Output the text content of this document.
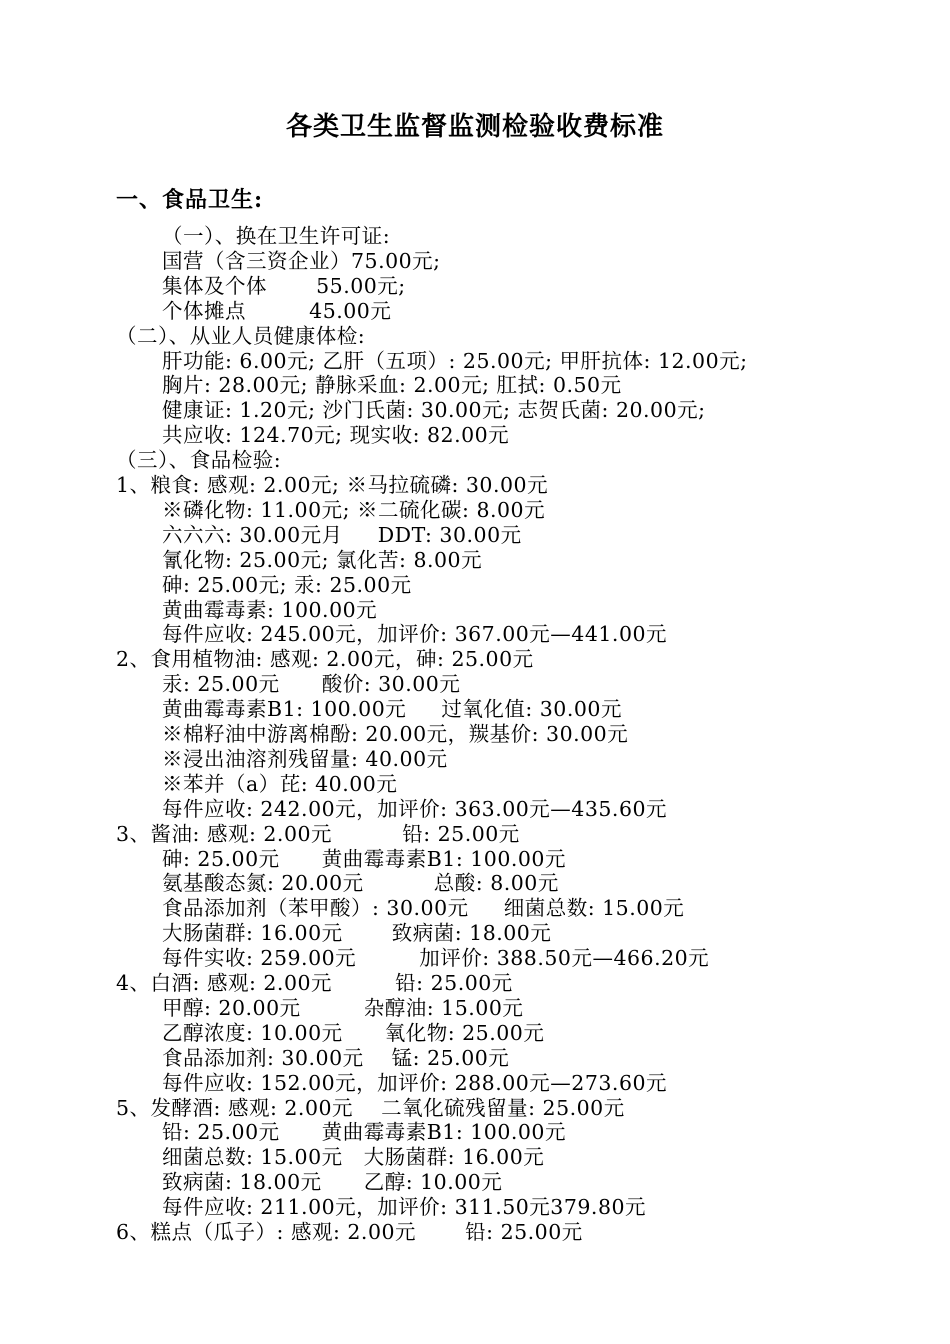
各类卫生监督监测检验收费标准
一、食品卫生:
（一）、换在卫生许可证:
国营（含三资企业）75.00元;
集体及个体       55.00元;
个体摊点         45.00元
（二）、从业人员健康体检:
肝功能: 6.00元; 乙肝（五项）: 25.00元; 甲肝抗体: 12.00元;
胸片: 28.00元; 静脉采血: 2.00元; 肛拭: 0.50元
健康证: 1.20元; 沙门氏菌: 30.00元; 志贺氏菌: 20.00元;
共应收: 124.70元; 现实收: 82.00元
（三）、食品检验:
1、粮食: 感观: 2.00元; ※马拉硫磷: 30.00元
※磷化物: 11.00元; ※二硫化碳: 8.00元
六六六: 30.00元月     DDT: 30.00元
氰化物: 25.00元; 氯化苦: 8.00元
砷: 25.00元; 汞: 25.00元
黄曲霉毒素: 100.00元
每件应收: 245.00元，加评价: 367.00元—441.00元
2、食用植物油: 感观: 2.00元，砷: 25.00元
汞: 25.00元      酸价: 30.00元
黄曲霉毒素B1: 100.00元     过氧化值: 30.00元
※棉籽油中游离棉酚: 20.00元，羰基价: 30.00元
※浸出油溶剂残留量: 40.00元
※苯并（a）芘: 40.00元
每件应收: 242.00元，加评价: 363.00元—435.60元
3、酱油: 感观: 2.00元          铅: 25.00元
砷: 25.00元      黄曲霉毒素B1: 100.00元
氨基酸态氮: 20.00元          总酸: 8.00元
食品添加剂（苯甲酸）: 30.00元     细菌总数: 15.00元
大肠菌群: 16.00元       致病菌: 18.00元
每件实收: 259.00元         加评价: 388.50元—466.20元
4、白酒: 感观: 2.00元         铅: 25.00元
甲醇: 20.00元         杂醇油: 15.00元
乙醇浓度: 10.00元      氧化物: 25.00元
食品添加剂: 30.00元    锰: 25.00元
每件应收: 152.00元，加评价: 288.00元—273.60元
5、发酵酒: 感观: 2.00元    二氧化硫残留量: 25.00元
铅: 25.00元      黄曲霉毒素B1: 100.00元
细菌总数: 15.00元   大肠菌群: 16.00元
致病菌: 18.00元      乙醇: 10.00元
每件应收: 211.00元，加评价: 311.50元379.80元
6、糕点（瓜子）: 感观: 2.00元       铅: 25.00元
